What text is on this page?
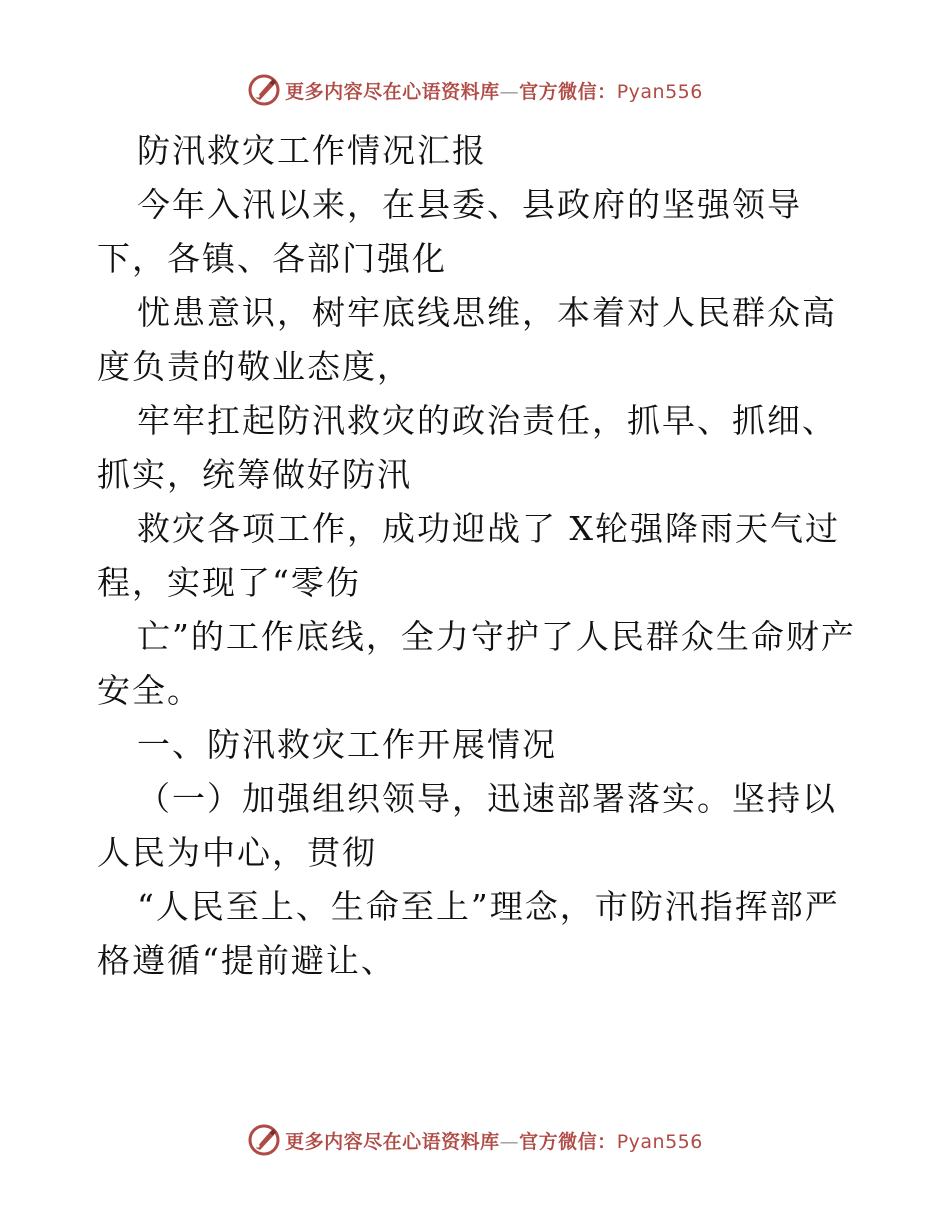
更多内容尽在心语资料库—官方微信：Pyan556

防汛救灾工作情况汇报

今年入汛以来，在县委、县政府的坚强领导下，各镇、各部门强化

忧患意识，树牢底线思维，本着对人民群众高度负责的敬业态度，

牢牢扛起防汛救灾的政治责任，抓早、抓细、抓实，统筹做好防汛

救灾各项工作，成功迎战了 X轮强降雨天气过程，实现了“零伤

亡”的工作底线，全力守护了人民群众生命财产安全。

一、防汛救灾工作开展情况

（一）加强组织领导，迅速部署落实。坚持以人民为中心，贯彻

“人民至上、生命至上”理念，市防汛指挥部严格遵循“提前避让、

更多内容尽在心语资料库—官方微信：Pyan556
